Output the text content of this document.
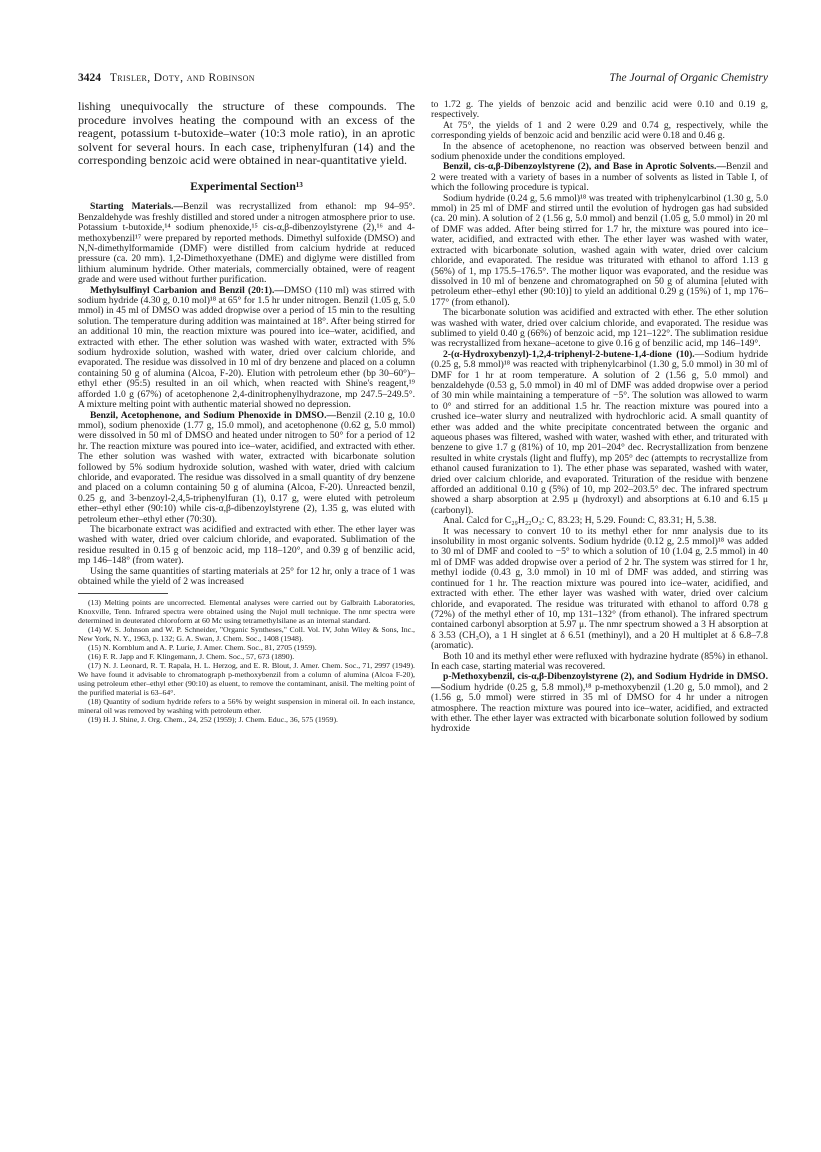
3424 Trisler, Doty, and Robinson	The Journal of Organic Chemistry

lishing unequivocally the structure of these compounds. The procedure involves heating the compound with an excess of the reagent, potassium t-butoxide–water (10:3 mole ratio), in an aprotic solvent for several hours. In each case, triphenylfuran (14) and the corresponding benzoic acid were obtained in near-quantitative yield.

Experimental Section¹³

Starting Materials.—Benzil was recrystallized from ethanol: mp 94–95°. Benzaldehyde was freshly distilled and stored under a nitrogen atmosphere prior to use. Potassium t-butoxide,¹⁴ sodium phenoxide,¹⁵ cis-α,β-dibenzoylstyrene (2),¹⁶ and 4-methoxybenzil¹⁷ were prepared by reported methods. Dimethyl sulfoxide (DMSO) and N,N-dimethylformamide (DMF) were distilled from calcium hydride at reduced pressure (ca. 20 mm). 1,2-Dimethoxyethane (DME) and diglyme were distilled from lithium aluminum hydride. Other materials, commercially obtained, were of reagent grade and were used without further purification.

Methylsulfinyl Carbanion and Benzil (20:1).—DMSO (110 ml) was stirred with sodium hydride (4.30 g, 0.10 mol)¹⁸ at 65° for 1.5 hr under nitrogen. Benzil (1.05 g, 5.0 mmol) in 45 ml of DMSO was added dropwise over a period of 15 min to the resulting solution. The temperature during addition was maintained at 18°. After being stirred for an additional 10 min, the reaction mixture was poured into ice–water, acidified, and extracted with ether. The ether solution was washed with water, extracted with 5% sodium hydroxide solution, washed with water, dried over calcium chloride, and evaporated. The residue was dissolved in 10 ml of dry benzene and placed on a column containing 50 g of alumina (Alcoa, F-20). Elution with petroleum ether (bp 30–60°)–ethyl ether (95:5) resulted in an oil which, when reacted with Shine's reagent,¹⁹ afforded 1.0 g (67%) of acetophenone 2,4-dinitrophenylhydrazone, mp 247.5–249.5°. A mixture melting point with authentic material showed no depression.

Benzil, Acetophenone, and Sodium Phenoxide in DMSO.—Benzil (2.10 g, 10.0 mmol), sodium phenoxide (1.77 g, 15.0 mmol), and acetophenone (0.62 g, 5.0 mmol) were dissolved in 50 ml of DMSO and heated under nitrogen to 50° for a period of 12 hr. The reaction mixture was poured into ice–water, acidified, and extracted with ether. The ether solution was washed with water, extracted with bicarbonate solution followed by 5% sodium hydroxide solution, washed with water, dried with calcium chloride, and evaporated. The residue was dissolved in a small quantity of dry benzene and placed on a column containing 50 g of alumina (Alcoa, F-20). Unreacted benzil, 0.25 g, and 3-benzoyl-2,4,5-triphenylfuran (1), 0.17 g, were eluted with petroleum ether–ethyl ether (90:10) while cis-α,β-dibenzoylstyrene (2), 1.35 g, was eluted with petroleum ether–ethyl ether (70:30).

The bicarbonate extract was acidified and extracted with ether. The ether layer was washed with water, dried over calcium chloride, and evaporated. Sublimation of the residue resulted in 0.15 g of benzoic acid, mp 118–120°, and 0.39 g of benzilic acid, mp 146–148° (from water).

Using the same quantities of starting materials at 25° for 12 hr, only a trace of 1 was obtained while the yield of 2 was increased

(13) Melting points are uncorrected. Elemental analyses were carried out by Galbraith Laboratories, Knoxville, Tenn. Infrared spectra were obtained using the Nujol mull technique. The nmr spectra were determined in deuterated chloroform at 60 Mc using tetramethylsilane as an internal standard.

(14) W. S. Johnson and W. P. Schneider, "Organic Syntheses," Coll. Vol. IV, John Wiley & Sons, Inc., New York, N. Y., 1963, p. 132; G. A. Swan, J. Chem. Soc., 1408 (1948).

(15) N. Kornblum and A. P. Lurie, J. Amer. Chem. Soc., 81, 2705 (1959).

(16) F. R. Japp and F. Klingemann, J. Chem. Soc., 57, 673 (1890).

(17) N. J. Leonard, R. T. Rapala, H. L. Herzog, and E. R. Blout, J. Amer. Chem. Soc., 71, 2997 (1949). We have found it advisable to chromatograph p-methoxybenzil from a column of alumina (Alcoa F-20), using petroleum ether–ethyl ether (90:10) as eluent, to remove the contaminant, anisil. The melting point of the purified material is 63–64°.

(18) Quantity of sodium hydride refers to a 56% by weight suspension in mineral oil. In each instance, mineral oil was removed by washing with petroleum ether.

(19) H. J. Shine, J. Org. Chem., 24, 252 (1959); J. Chem. Educ., 36, 575 (1959).

to 1.72 g. The yields of benzoic acid and benzilic acid were 0.10 and 0.19 g, respectively.

At 75°, the yields of 1 and 2 were 0.29 and 0.74 g, respectively, while the corresponding yields of benzoic acid and benzilic acid were 0.18 and 0.46 g.

In the absence of acetophenone, no reaction was observed between benzil and sodium phenoxide under the conditions employed.

Benzil, cis-α,β-Dibenzoylstyrene (2), and Base in Aprotic Solvents.—Benzil and 2 were treated with a variety of bases in a number of solvents as listed in Table I, of which the following procedure is typical.

Sodium hydride (0.24 g, 5.6 mmol)¹⁸ was treated with triphenylcarbinol (1.30 g, 5.0 mmol) in 25 ml of DMF and stirred until the evolution of hydrogen gas had subsided (ca. 20 min). A solution of 2 (1.56 g, 5.0 mmol) and benzil (1.05 g, 5.0 mmol) in 20 ml of DMF was added. After being stirred for 1.7 hr, the mixture was poured into ice–water, acidified, and extracted with ether. The ether layer was washed with water, extracted with bicarbonate solution, washed again with water, dried over calcium chloride, and evaporated. The residue was triturated with ethanol to afford 1.13 g (56%) of 1, mp 175.5–176.5°. The mother liquor was evaporated, and the residue was dissolved in 10 ml of benzene and chromatographed on 50 g of alumina [eluted with petroleum ether–ethyl ether (90:10)] to yield an additional 0.29 g (15%) of 1, mp 176–177° (from ethanol).

The bicarbonate solution was acidified and extracted with ether. The ether solution was washed with water, dried over calcium chloride, and evaporated. The residue was sublimed to yield 0.40 g (66%) of benzoic acid, mp 121–122°. The sublimation residue was recrystallized from hexane–acetone to give 0.16 g of benzilic acid, mp 146–149°.

2-(α-Hydroxybenzyl)-1,2,4-triphenyl-2-butene-1,4-dione (10).—Sodium hydride (0.25 g, 5.8 mmol)¹⁸ was reacted with triphenylcarbinol (1.30 g, 5.0 mmol) in 30 ml of DMF for 1 hr at room temperature. A solution of 2 (1.56 g, 5.0 mmol) and benzaldehyde (0.53 g, 5.0 mmol) in 40 ml of DMF was added dropwise over a period of 30 min while maintaining a temperature of −5°. The solution was allowed to warm to 0° and stirred for an additional 1.5 hr. The reaction mixture was poured into a crushed ice–water slurry and neutralized with hydrochloric acid. A small quantity of ether was added and the white precipitate concentrated between the organic and aqueous phases was filtered, washed with water, washed with ether, and triturated with benzene to give 1.7 g (81%) of 10, mp 201–204° dec. Recrystallization from benzene resulted in white crystals (light and fluffy), mp 205° dec (attempts to recrystallize from ethanol caused furanization to 1). The ether phase was separated, washed with water, dried over calcium chloride, and evaporated. Trituration of the residue with benzene afforded an additional 0.10 g (5%) of 10, mp 202–203.5° dec. The infrared spectrum showed a sharp absorption at 2.95 μ (hydroxyl) and absorptions at 6.10 and 6.15 μ (carbonyl).

Anal. Calcd for C₂₉H₂₂O₃: C, 83.23; H, 5.29. Found: C, 83.31; H, 5.38.

It was necessary to convert 10 to its methyl ether for nmr analysis due to its insolubility in most organic solvents. Sodium hydride (0.12 g, 2.5 mmol)¹⁸ was added to 30 ml of DMF and cooled to −5° to which a solution of 10 (1.04 g, 2.5 mmol) in 40 ml of DMF was added dropwise over a period of 2 hr. The system was stirred for 1 hr, methyl iodide (0.43 g, 3.0 mmol) in 10 ml of DMF was added, and stirring was continued for 1 hr. The reaction mixture was poured into ice–water, acidified, and extracted with ether. The ether layer was washed with water, dried over calcium chloride, and evaporated. The residue was triturated with ethanol to afford 0.78 g (72%) of the methyl ether of 10, mp 131–132° (from ethanol). The infrared spectrum contained carbonyl absorption at 5.97 μ. The nmr spectrum showed a 3 H absorption at δ 3.53 (CH₃O), a 1 H singlet at δ 6.51 (methinyl), and a 20 H multiplet at δ 6.8–7.8 (aromatic).

Both 10 and its methyl ether were refluxed with hydrazine hydrate (85%) in ethanol. In each case, starting material was recovered.

p-Methoxybenzil, cis-α,β-Dibenzoylstyrene (2), and Sodium Hydride in DMSO.—Sodium hydride (0.25 g, 5.8 mmol),¹⁸ p-methoxybenzil (1.20 g, 5.0 mmol), and 2 (1.56 g, 5.0 mmol) were stirred in 35 ml of DMSO for 4 hr under a nitrogen atmosphere. The reaction mixture was poured into ice–water, acidified, and extracted with ether. The ether layer was extracted with bicarbonate solution followed by sodium hydroxide
